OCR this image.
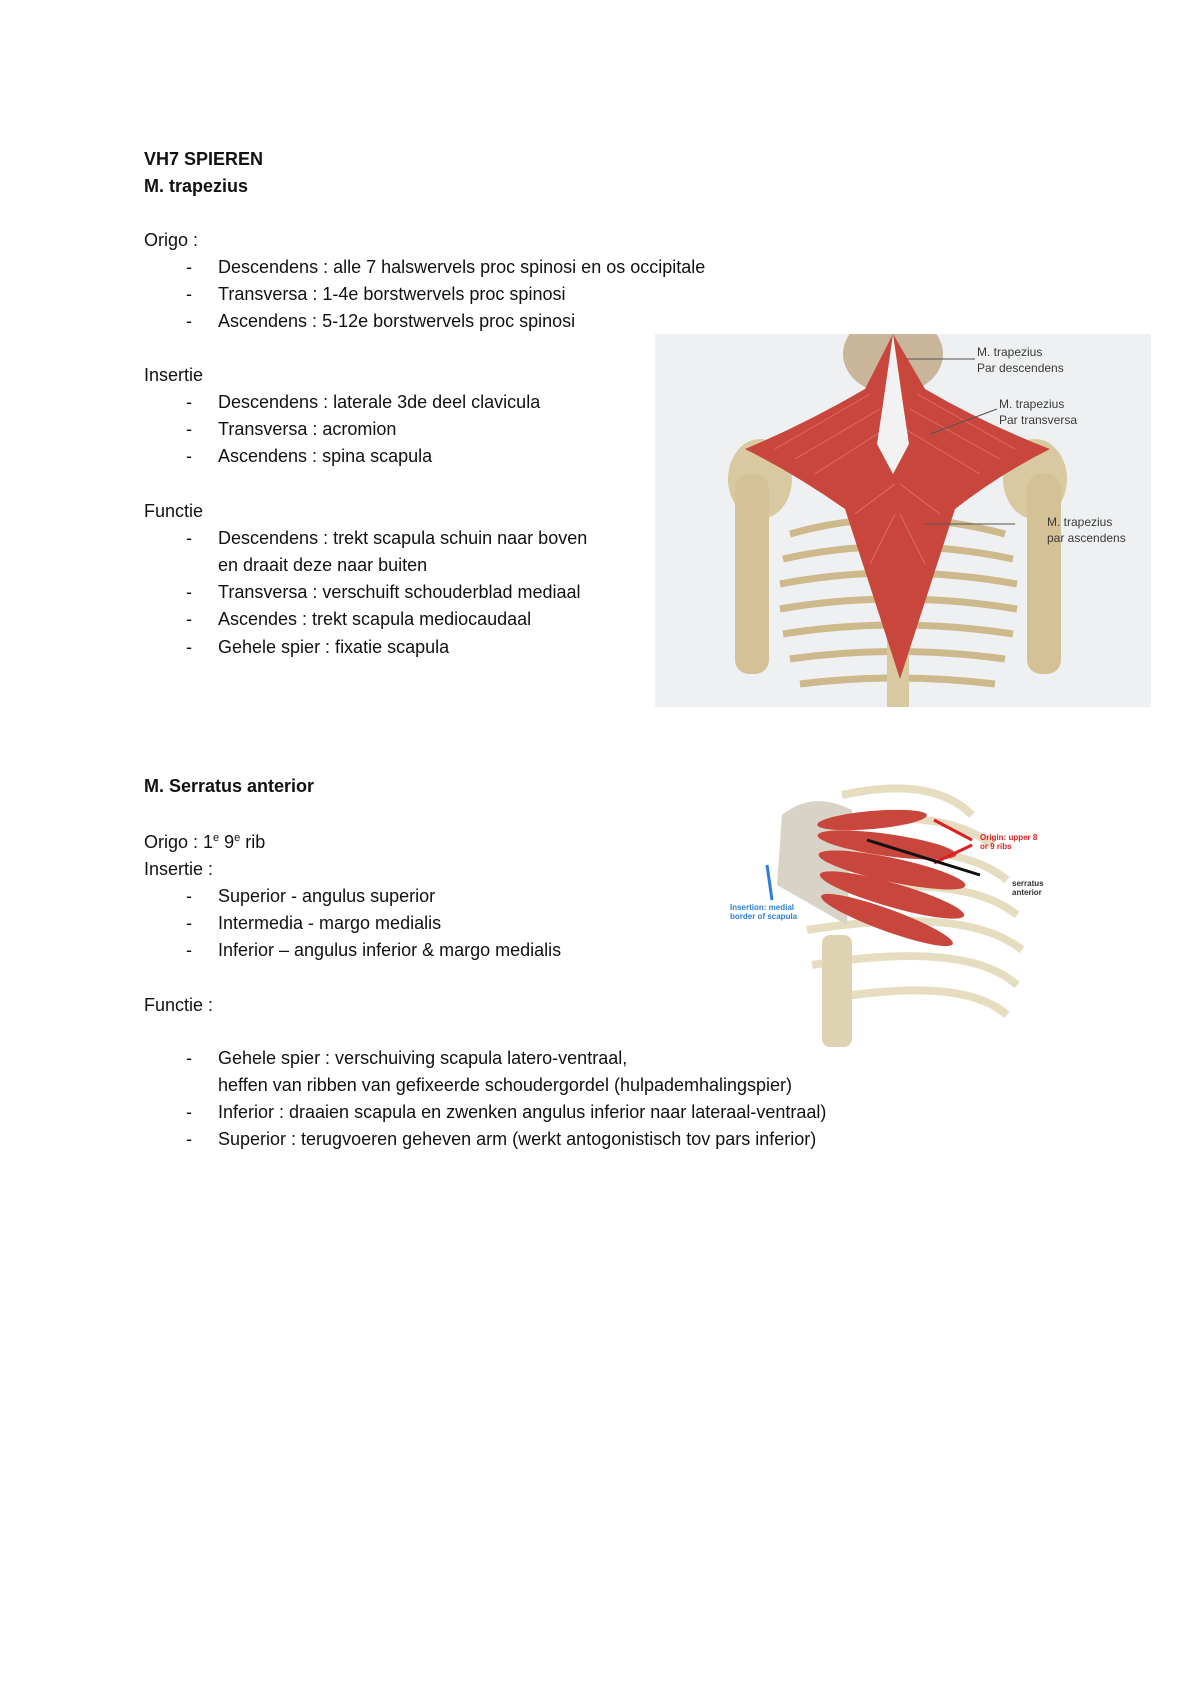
VH7 SPIEREN
M. trapezius
Origo :
- Descendens : alle 7 halswervels proc spinosi en os occipitale
- Transversa : 1-4e borstwervels proc spinosi
- Ascendens : 5-12e borstwervels proc spinosi
Insertie
- Descendens : laterale 3de deel clavicula
- Transversa : acromion
- Ascendens : spina scapula
Functie
- Descendens : trekt scapula schuin naar boven
en draait deze naar buiten
- Transversa : verschuift schouderblad mediaal
- Ascendes : trekt scapula mediocaudaal
- Gehele spier : fixatie scapula
M. trapezius
Par descendens
M. trapezius
Par transversa
M. trapezius
par ascendens
M. Serratus anterior
Origo : 1e 9e rib
Insertie :
- Superior - angulus superior
- Intermedia - margo medialis
- Inferior – angulus inferior & margo medialis
Functie :
- Gehele spier : verschuiving scapula latero-ventraal,
heffen van ribben van gefixeerde schoudergordel (hulpademhalingspier)
- Inferior : draaien scapula en zwenken angulus inferior naar lateraal-ventraal)
- Superior : terugvoeren geheven arm (werkt antogonistisch tov pars inferior)
Origin: upper 8
or 9 ribs
Insertion: medial
border of scapula
serratus
anterior
